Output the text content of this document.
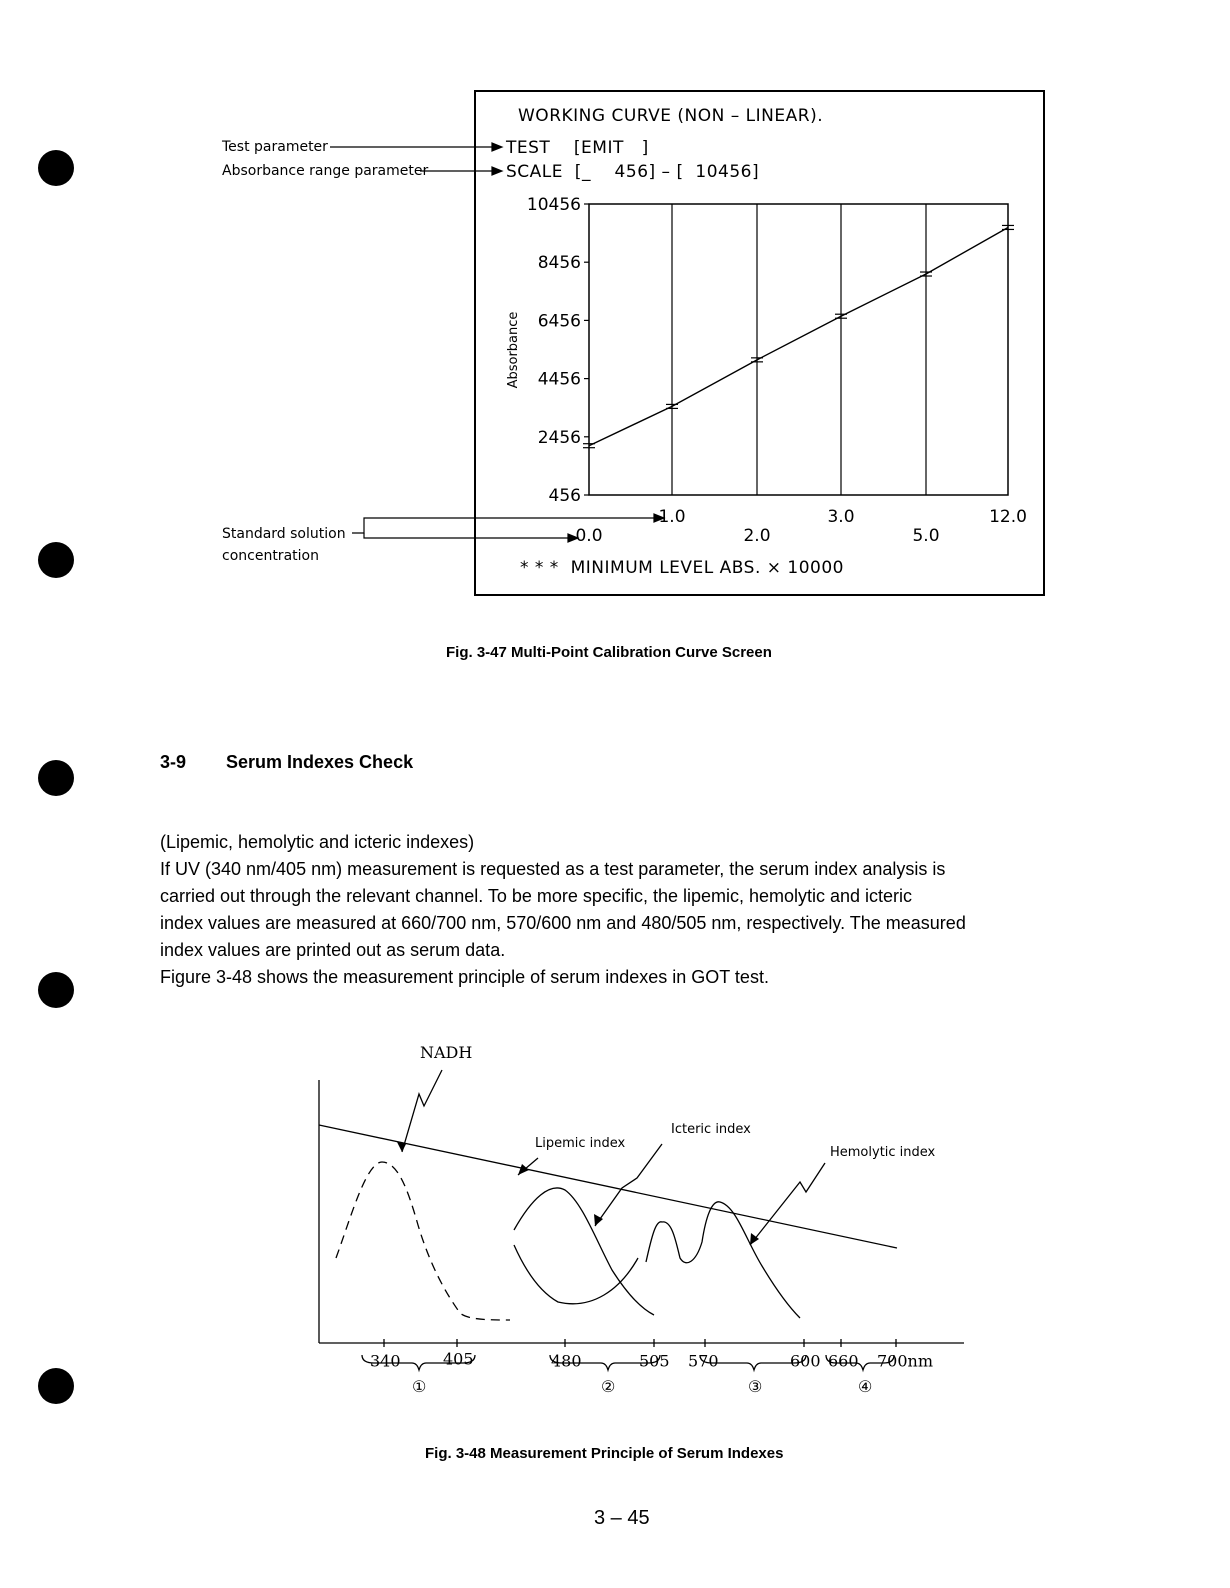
Test parameter
Absorbance range parameter
Standard solution
concentration
WORKING CURVE (NON – LINEAR).
TEST    [EMIT   ]
SCALE  [_    456] – [  10456]
* * *  MINIMUM LEVEL ABS. × 10000
10456
8456
6456
4456
2456
456
Absorbance
1.0	3.0	12.0
0.0	2.0	5.0
Fig. 3-47 Multi-Point Calibration Curve Screen
3-9 Serum Indexes Check
(Lipemic, hemolytic and icteric indexes)
If UV (340 nm/405 nm) measurement is requested as a test parameter, the serum index analysis is
carried out through the relevant channel. To be more specific, the lipemic, hemolytic and icteric
index values are measured at 660/700 nm, 570/600 nm and 480/505 nm, respectively. The measured
index values are printed out as serum data.
Figure 3-48 shows the measurement principle of serum indexes in GOT test.
NADH
Lipemic index
Icteric index
Hemolytic index
340	405	480	505 570	600 660 700nm
①	②	③	④
Fig. 3-48 Measurement Principle of Serum Indexes
3 – 45
